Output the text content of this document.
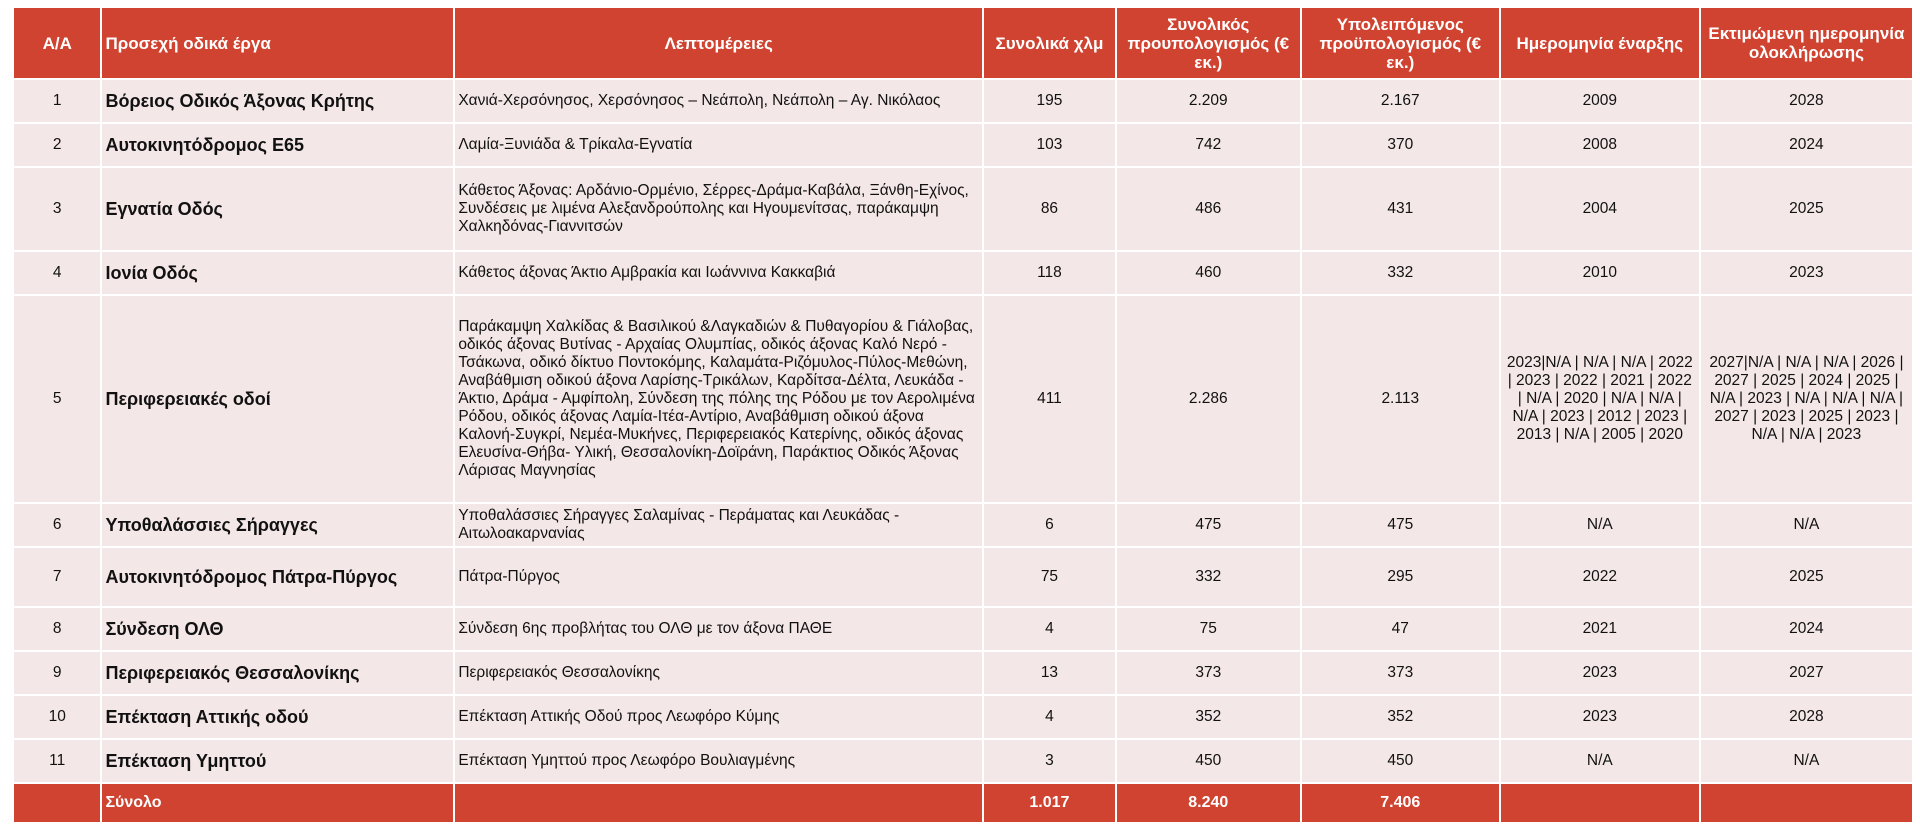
A/A	Προσεχή οδικά έργα	Λεπτομέρειες	Συνολικά χλμ	Συνολικός προυπολογισμός (€ εκ.)	Υπολειπόμενος προϋπολογισμός (€ εκ.)	Ημερομηνία έναρξης	Εκτιμώμενη ημερομηνία ολοκλήρωσης
1	Βόρειος Οδικός Άξονας Κρήτης	Χανιά-Χερσόνησος, Χερσόνησος – Νεάπολη, Νεάπολη – Αγ. Νικόλαος	195	2.209	2.167	2009	2028
2	Αυτοκινητόδρομος Ε65	Λαμία-Ξυνιάδα & Τρίκαλα-Εγνατία	103	742	370	2008	2024
3	Εγνατία Οδός	Κάθετος Άξονας: Αρδάνιο-Ορμένιο, Σέρρες-Δράμα-Καβάλα, Ξάνθη-Εχίνος, Συνδέσεις με λιμένα Αλεξανδρούπολης και Ηγουμενίτσας, παράκαμψη Χαλκηδόνας-Γιαννιτσών	86	486	431	2004	2025
4	Ιονία Οδός	Κάθετος άξονας Άκτιο Αμβρακία και Ιωάννινα Κακκαβιά	118	460	332	2010	2023
5	Περιφερειακές οδοί	Παράκαμψη Χαλκίδας & Βασιλικού &Λαγκαδιών & Πυθαγορίου & Γιάλοβας, οδικός άξονας Βυτίνας - Αρχαίας Ολυμπίας, οδικός άξονας Καλό Νερό - Τσάκωνα, οδικό δίκτυο Ποντοκόμης, Καλαμάτα-Ριζόμυλος-Πύλος-Μεθώνη, Αναβάθμιση οδικού άξονα Λαρίσης-Τρικάλων, Καρδίτσα-Δέλτα, Λευκάδα - Άκτιο, Δράμα - Αμφίπολη, Σύνδεση της πόλης της Ρόδου με τον Αερολιμένα Ρόδου, οδικός άξονας Λαμία-Ιτέα-Αντίριο, Αναβάθμιση οδικού άξονα Καλονή-Συγκρί, Νεμέα-Μυκήνες, Περιφερειακός Κατερίνης, οδικός άξονας Ελευσίνα-Θήβα- Υλική, Θεσσαλονίκη-Δοϊράνη, Παράκτιος Οδικός Άξονας Λάρισας Μαγνησίας	411	2.286	2.113	2023|N/A | N/A | N/A | 2022 | 2023 | 2022 | 2021 | 2022 | N/A | 2020 | N/A | N/A | N/A | 2023 | 2012 | 2023 | 2013 | N/A | 2005 | 2020	2027|N/A | N/A | N/A | 2026 | 2027 | 2025 | 2024 | 2025 | N/A | 2023 | N/A | N/A | N/A | 2027 | 2023 | 2025 | 2023 | N/A | N/A | 2023
6	Υποθαλάσσιες Σήραγγες	Υποθαλάσσιες Σήραγγες Σαλαμίνας - Περάματας και Λευκάδας - Αιτωλοακαρνανίας	6	475	475	N/A	N/A
7	Αυτοκινητόδρομος Πάτρα-Πύργος	Πάτρα-Πύργος	75	332	295	2022	2025
8	Σύνδεση ΟΛΘ	Σύνδεση 6ης προβλήτας του ΟΛΘ με τον άξονα ΠΑΘΕ	4	75	47	2021	2024
9	Περιφερειακός Θεσσαλονίκης	Περιφερειακός Θεσσαλονίκης	13	373	373	2023	2027
10	Επέκταση Αττικής οδού	Επέκταση Αττικής Οδού προς Λεωφόρο Κύμης	4	352	352	2023	2028
11	Επέκταση Υμηττού	Επέκταση Υμηττού προς Λεωφόρο Βουλιαγμένης	3	450	450	N/A	N/A
	Σύνολο		1.017	8.240	7.406		
